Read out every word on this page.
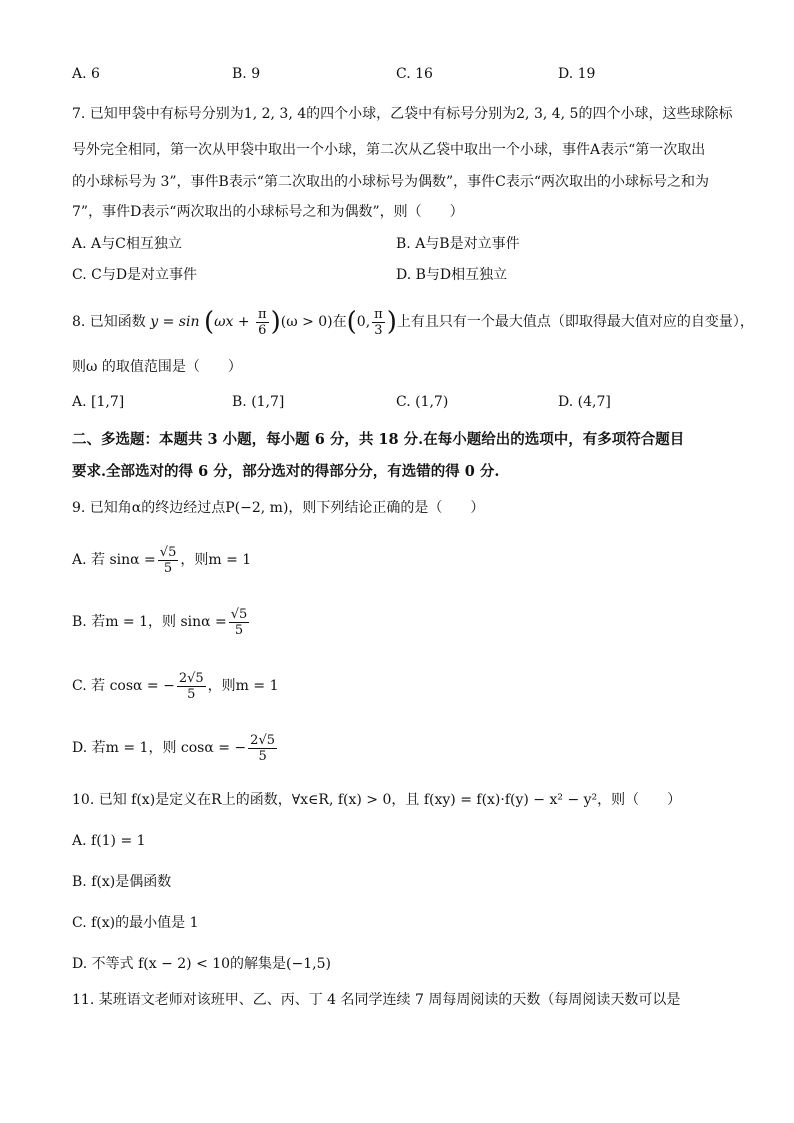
A. 6	B. 9	C. 16	D. 19
7. 已知甲袋中有标号分别为1, 2, 3, 4的四个小球，乙袋中有标号分别为2, 3, 4, 5的四个小球，这些球除标
号外完全相同，第一次从甲袋中取出一个小球，第二次从乙袋中取出一个小球，事件A表示“第一次取出
的小球标号为 3”，事件B表示“第二次取出的小球标号为偶数”，事件C表示“两次取出的小球标号之和为
7”，事件D表示“两次取出的小球标号之和为偶数”，则（　　）
A. A与C相互独立	B. A与B是对立事件
C. C与D是对立事件	D. B与D相互独立
8. 已知函数 $y = \sin (\omega x + \frac{\pi}{6} )(\omega > 0)$在(0, $\frac{\pi}{3}$ )上有且只有一个最大值点（即取得最大值对应的自变量），
则ω 的取值范围是（　　）
A. [1,7]	B. (1,7]	C. (1,7)	D. (4,7]
二、多选题：本题共 3 小题，每小题 6 分，共 18 分.在每小题给出的选项中，有多项符合题目
要求.全部选对的得 6 分，部分选对的得部分分，有选错的得 0 分.
9. 已知角α的终边经过点P(−2, m)，则下列结论正确的是（　　）
A. 若 $\sin\alpha = \frac{√5}{5}$ ，则m = 1
B. 若m = 1，则 $\sin\alpha = \frac{√5}{5}$
C. 若 cosα = − $\frac{2√5}{5}$ ，则m = 1
D. 若m = 1，则 cosα = − $\frac{2√5}{5}$
10. 已知 f(x)是定义在R上的函数，∀x∈R, f(x) > 0，且 f(xy) = f(x)·f(y) − x² − y²，则（　　）
A. f(1) = 1
B. f(x)是偶函数
C. f(x)的最小值是 1
D. 不等式 f(x − 2) < 10的解集是(−1,5)
11. 某班语文老师对该班甲、乙、丙、丁 4 名同学连续 7 周每周阅读的天数（每周阅读天数可以是
